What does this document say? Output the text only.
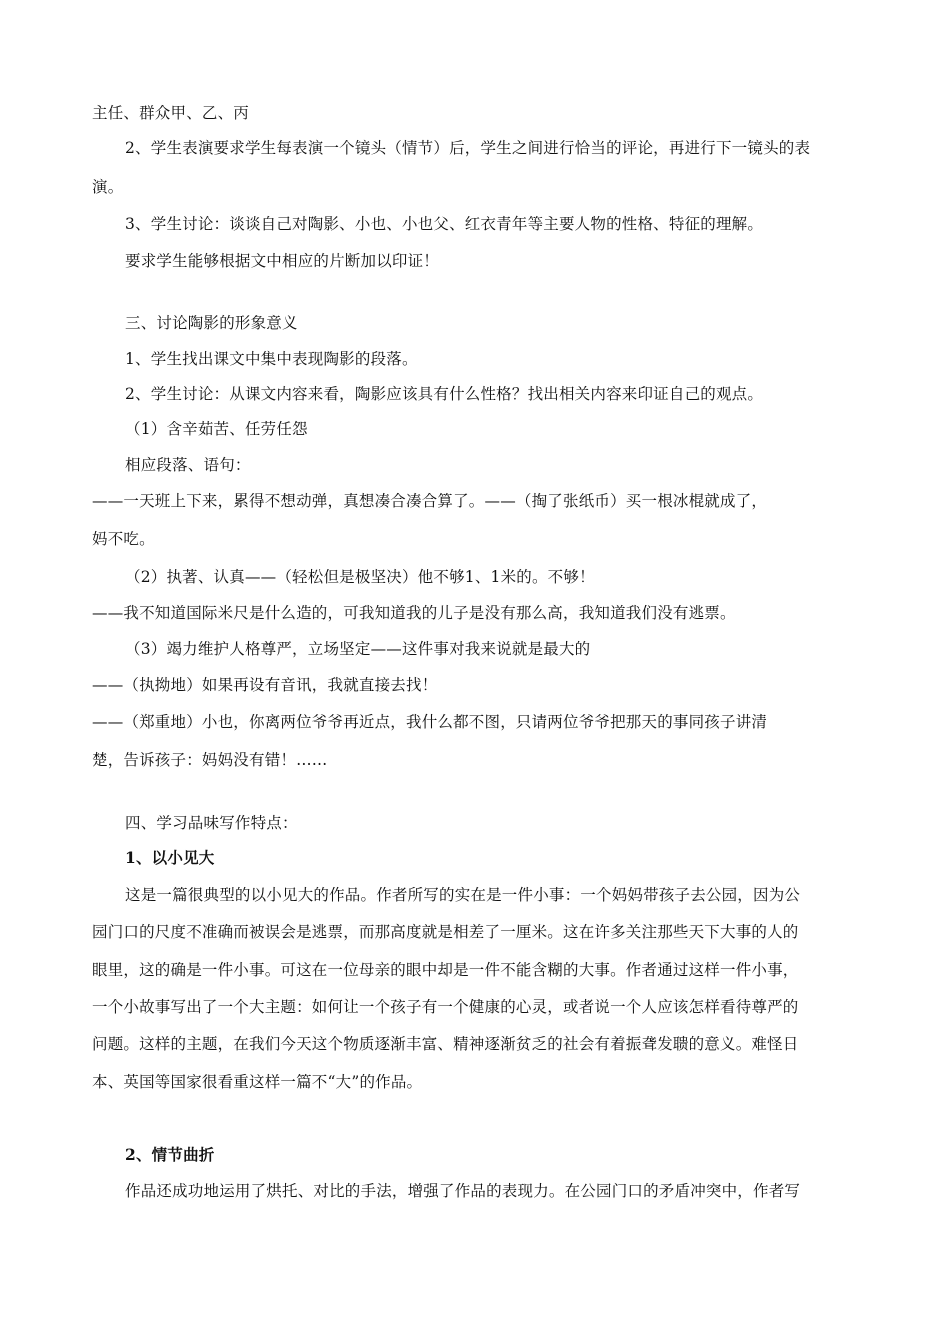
主任、群众甲、乙、丙
2、学生表演要求学生每表演一个镜头（情节）后，学生之间进行恰当的评论，再进行下一镜头的表
演。
3、学生讨论：谈谈自己对陶影、小也、小也父、红衣青年等主要人物的性格、特征的理解。
要求学生能够根据文中相应的片断加以印证！
三、讨论陶影的形象意义
1、学生找出课文中集中表现陶影的段落。
2、学生讨论：从课文内容来看，陶影应该具有什么性格？找出相关内容来印证自己的观点。
（1）含辛茹苦、任劳任怨
相应段落、语句：
——一天班上下来，累得不想动弹，真想凑合凑合算了。——（掏了张纸币）买一根冰棍就成了，
妈不吃。
（2）执著、认真——（轻松但是极坚决）他不够1、1米的。不够！
——我不知道国际米尺是什么造的，可我知道我的儿子是没有那么高，我知道我们没有逃票。
（3）竭力维护人格尊严，立场坚定——这件事对我来说就是最大的
——（执拗地）如果再设有音讯，我就直接去找！
——（郑重地）小也，你离两位爷爷再近点，我什么都不图，只请两位爷爷把那天的事同孩子讲清
楚，告诉孩子：妈妈没有错！……
四、学习品味写作特点：
1、以小见大
这是一篇很典型的以小见大的作品。作者所写的实在是一件小事：一个妈妈带孩子去公园，因为公
园门口的尺度不准确而被误会是逃票，而那高度就是相差了一厘米。这在许多关注那些天下大事的人的
眼里，这的确是一件小事。可这在一位母亲的眼中却是一件不能含糊的大事。作者通过这样一件小事，
一个小故事写出了一个大主题：如何让一个孩子有一个健康的心灵，或者说一个人应该怎样看待尊严的
问题。这样的主题，在我们今天这个物质逐渐丰富、精神逐渐贫乏的社会有着振聋发聩的意义。难怪日
本、英国等国家很看重这样一篇不“大”的作品。
2、情节曲折
作品还成功地运用了烘托、对比的手法，增强了作品的表现力。在公园门口的矛盾冲突中，作者写
